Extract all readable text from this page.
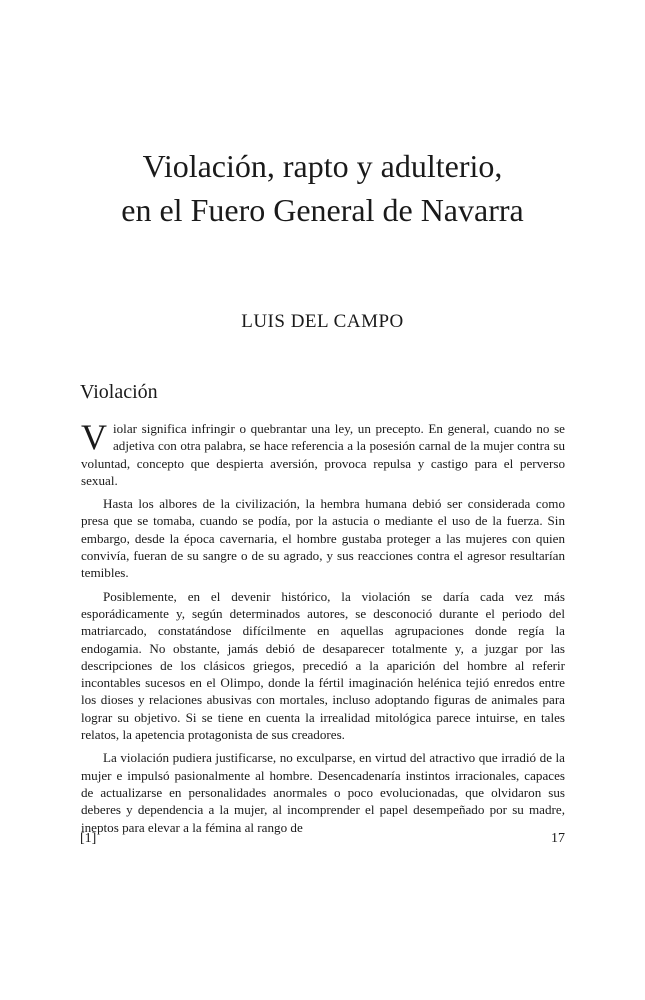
Violación, rapto y adulterio,
en el Fuero General de Navarra
LUIS DEL CAMPO
Violación

Violar significa infringir o quebrantar una ley, un precepto. En general, cuando no se adjetiva con otra palabra, se hace referencia a la posesión carnal de la mujer contra su voluntad, concepto que despierta aversión, provoca repulsa y castigo para el perverso sexual.

Hasta los albores de la civilización, la hembra humana debió ser considerada como presa que se tomaba, cuando se podía, por la astucia o mediante el uso de la fuerza. Sin embargo, desde la época cavernaria, el hombre gustaba proteger a las mujeres con quien convivía, fueran de su sangre o de su agrado, y sus reacciones contra el agresor resultarían temibles.

Posiblemente, en el devenir histórico, la violación se daría cada vez más esporádicamente y, según determinados autores, se desconoció durante el periodo del matriarcado, constatándose difícilmente en aquellas agrupaciones donde regía la endogamia. No obstante, jamás debió de desaparecer totalmente y, a juzgar por las descripciones de los clásicos griegos, precedió a la aparición del hombre al referir incontables sucesos en el Olimpo, donde la fértil imaginación helénica tejió enredos entre los dioses y relaciones abusivas con mortales, incluso adoptando figuras de animales para lograr su objetivo. Si se tiene en cuenta la irrealidad mitológica parece intuirse, en tales relatos, la apetencia protagonista de sus creadores.

La violación pudiera justificarse, no exculparse, en virtud del atractivo que irradió de la mujer e impulsó pasionalmente al hombre. Desencadenaría instintos irracionales, capaces de actualizarse en personalidades anormales o poco evolucionadas, que olvidaron sus deberes y dependencia a la mujer, al incomprender el papel desempeñado por su madre, ineptos para elevar a la fémina al rango de

[1]	17
